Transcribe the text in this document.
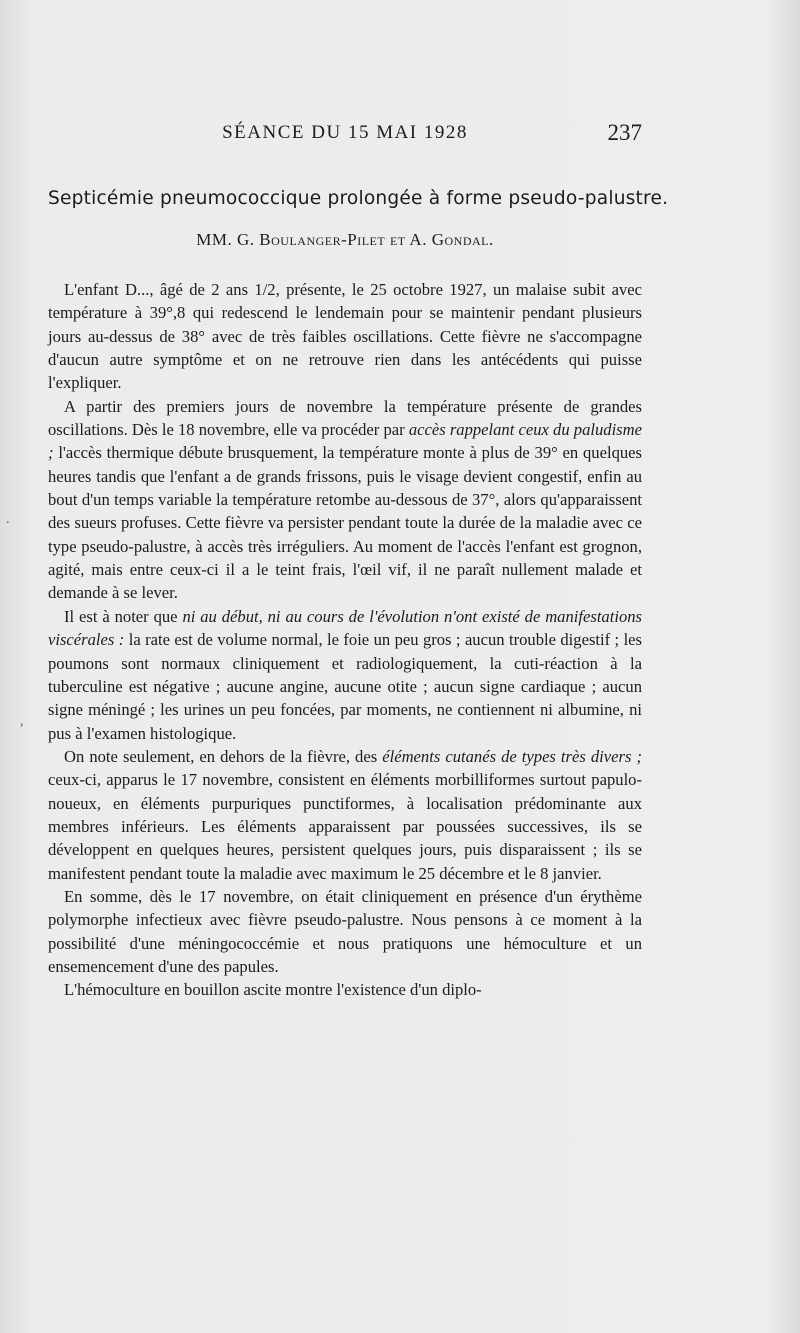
SÉANCE DU 15 MAI 1928	237
Septicémie pneumococcique prolongée à forme pseudo-palustre.
MM. G. Boulanger-Pilet et A. Gondal.

L'enfant D..., âgé de 2 ans 1/2, présente, le 25 octobre 1927, un malaise subit avec température à 39°,8 qui redescend le lendemain pour se maintenir pendant plusieurs jours au-dessus de 38° avec de très faibles oscillations. Cette fièvre ne s'accompagne d'aucun autre symptôme et on ne retrouve rien dans les antécédents qui puisse l'expliquer.

A partir des premiers jours de novembre la température présente de grandes oscillations. Dès le 18 novembre, elle va procéder par accès rappelant ceux du paludisme ; l'accès thermique débute brusquement, la température monte à plus de 39° en quelques heures tandis que l'enfant a de grands frissons, puis le visage devient congestif, enfin au bout d'un temps variable la température retombe au-dessous de 37°, alors qu'apparaissent des sueurs profuses. Cette fièvre va persister pendant toute la durée de la maladie avec ce type pseudo-palustre, à accès très irréguliers. Au moment de l'accès l'enfant est grognon, agité, mais entre ceux-ci il a le teint frais, l'œil vif, il ne paraît nullement malade et demande à se lever.

Il est à noter que ni au début, ni au cours de l'évolution n'ont existé de manifestations viscérales : la rate est de volume normal, le foie un peu gros ; aucun trouble digestif ; les poumons sont normaux cliniquement et radiologiquement, la cuti-réaction à la tuberculine est négative ; aucune angine, aucune otite ; aucun signe cardiaque ; aucun signe méningé ; les urines un peu foncées, par moments, ne contiennent ni albumine, ni pus à l'examen histologique.

On note seulement, en dehors de la fièvre, des éléments cutanés de types très divers ; ceux-ci, apparus le 17 novembre, consistent en éléments morbilliformes surtout papulo-noueux, en éléments purpuriques punctiformes, à localisation prédominante aux membres inférieurs. Les éléments apparaissent par poussées successives, ils se développent en quelques heures, persistent quelques jours, puis disparaissent ; ils se manifestent pendant toute la maladie avec maximum le 25 décembre et le 8 janvier.

En somme, dès le 17 novembre, on était cliniquement en présence d'un érythème polymorphe infectieux avec fièvre pseudo-palustre. Nous pensons à ce moment à la possibilité d'une méningococcémie et nous pratiquons une hémoculture et un ensemencement d'une des papules.

L'hémoculture en bouillon ascite montre l'existence d'un diplo-

.
,
